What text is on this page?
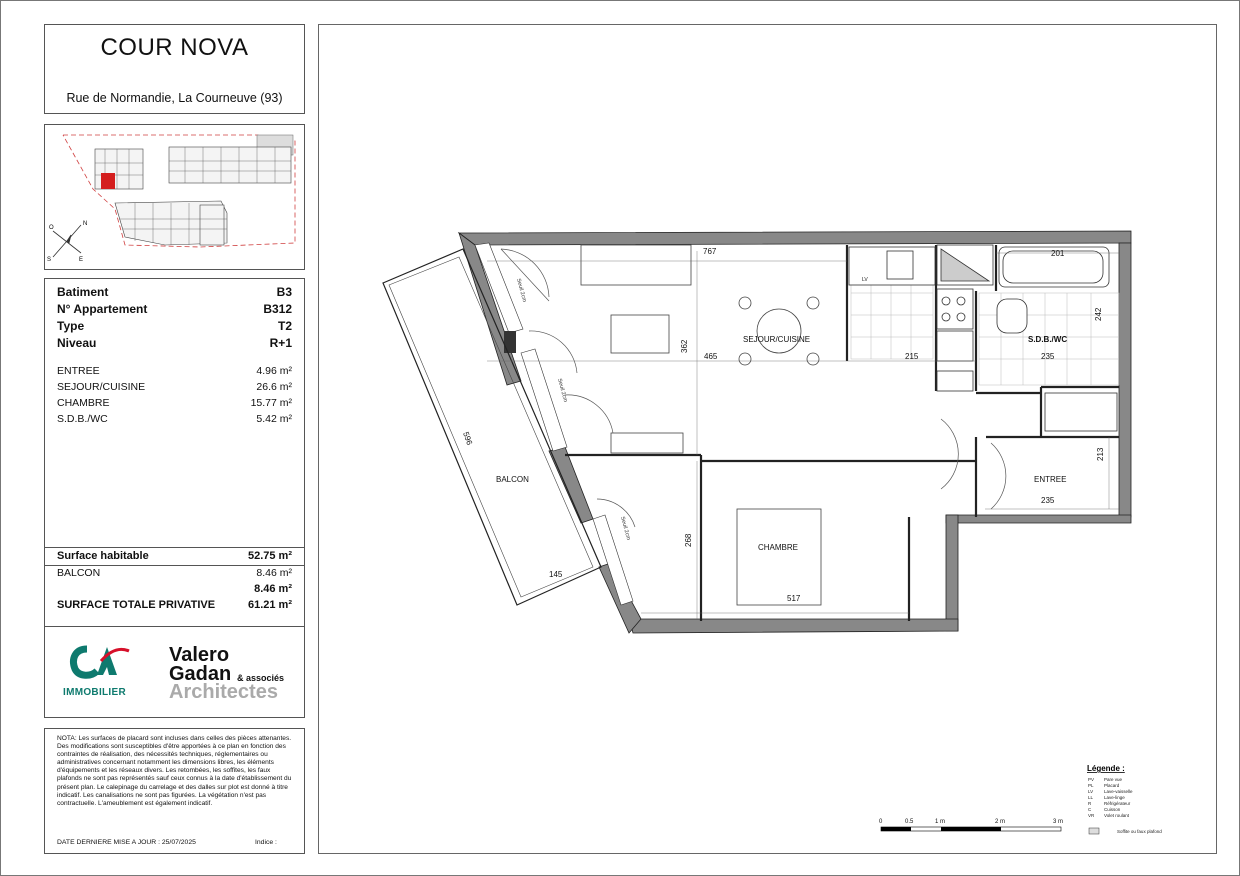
COUR NOVA
Rue de Normandie, La Courneuve (93)
N
E
S
O
Batiment	B3
N° Appartement	B312
Type	T2
Niveau	R+1
ENTREE	4.96 m²
SEJOUR/CUISINE	26.6 m²
CHAMBRE	15.77 m²
S.D.B./WC	5.42 m²
Surface habitable	52.75 m²
BALCON	8.46 m²
8.46 m²
SURFACE TOTALE PRIVATIVE	61.21 m²
IMMOBILIER
Valero
Gadan & associés
Architectes
NOTA: Les surfaces de placard sont incluses dans celles des pièces attenantes. Des modifications sont susceptibles d'être apportées à ce plan en fonction des contraintes de réalisation, des nécessités techniques, réglementaires ou administratives concernant notamment les dimensions libres, les éléments d'équipements et les réseaux divers. Les retombées, les soffites, les faux plafonds ne sont pas représentés sauf ceux connus à la date d'établissement du présent plan. Le calepinage du carrelage et des dalles sur plot est donné à titre indicatif. Les canalisations ne sont pas figurées. La végétation n'est pas contractuelle. L'ameublement est également indicatif.
DATE DERNIERE MISE A JOUR : 25/07/2025	Indice :
767	201
465	215	235
235
517
145
362
268
213
242
596
LV
SEJOUR/CUISINE	S.D.B./WC
ENTREE
CHAMBRE
BALCON
Seuil 2cm
Seuil 2cm
Seuil 2cm
0	0.5	1 m	2 m	3 m
Légende :
PV Pare vue
PL Placard
LV Lave-vaisselle
LL Lave-linge
R	Réfrigérateur
C	Cuisson
VR Volet roulant
Soffite ou faux plafond
